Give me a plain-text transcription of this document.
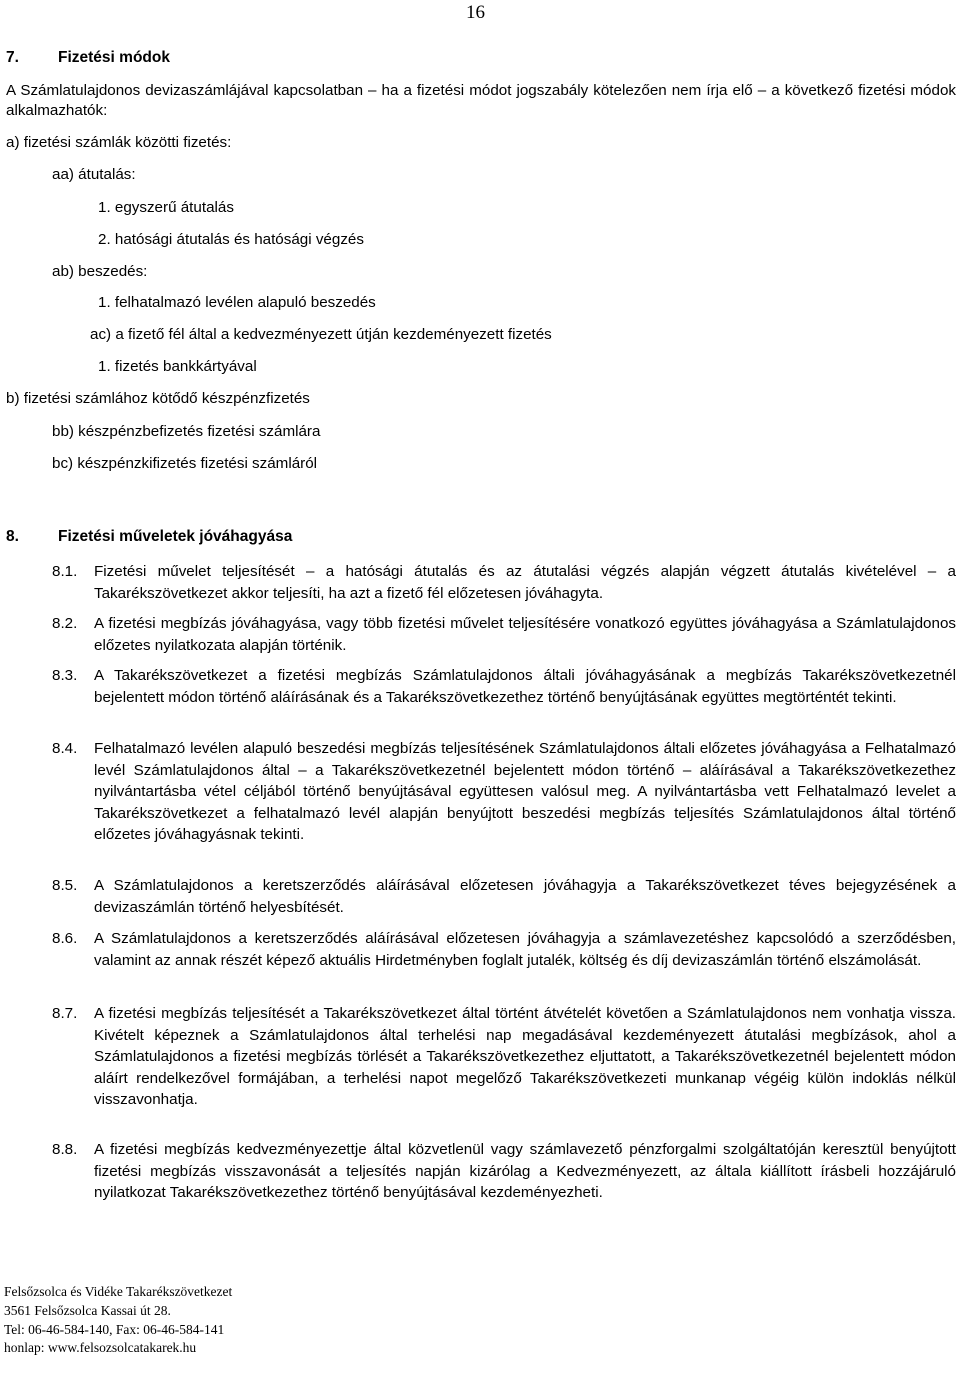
16
7.	Fizetési módok
A Számlatulajdonos devizaszámlájával kapcsolatban – ha a fizetési módot jogszabály kötelezően nem írja elő – a következő fizetési módok alkalmazhatók:
a) fizetési számlák közötti fizetés:
aa) átutalás:
1. egyszerű átutalás
2. hatósági átutalás és hatósági végzés
ab) beszedés:
1. felhatalmazó levélen alapuló beszedés
ac) a fizető fél által a kedvezményezett útján kezdeményezett fizetés
1. fizetés bankkártyával
b) fizetési számlához kötődő készpénzfizetés
bb) készpénzbefizetés fizetési számlára
bc) készpénzkifizetés fizetési számláról
8.	Fizetési műveletek jóváhagyása
8.1.	Fizetési művelet teljesítését – a hatósági átutalás és az átutalási végzés alapján végzett átutalás kivételével – a Takarékszövetkezet akkor teljesíti, ha azt a fizető fél előzetesen jóváhagyta.
8.2.	A fizetési megbízás jóváhagyása, vagy több fizetési művelet teljesítésére vonatkozó együttes jóváhagyása a Számlatulajdonos előzetes nyilatkozata alapján történik.
8.3.	A Takarékszövetkezet a fizetési megbízás Számlatulajdonos általi jóváhagyásának a megbízás Takarékszövetkezetnél bejelentett módon történő aláírásának és a Takarékszövetkezethez történő benyújtásának együttes megtörténtét tekinti.
8.4.	Felhatalmazó levélen alapuló beszedési megbízás teljesítésének Számlatulajdonos általi előzetes jóváhagyása a Felhatalmazó levél Számlatulajdonos által – a Takarékszövetkezetnél bejelentett módon történő – aláírásával a Takarékszövetkezethez nyilvántartásba vétel céljából történő benyújtásával együttesen valósul meg. A nyilvántartásba vett Felhatalmazó levelet a Takarékszövetkezet a felhatalmazó levél alapján benyújtott beszedési megbízás teljesítés Számlatulajdonos által történő előzetes jóváhagyásnak tekinti.
8.5.	A Számlatulajdonos a keretszerződés aláírásával előzetesen jóváhagyja a Takarékszövetkezet téves bejegyzésének a devizaszámlán történő helyesbítését.
8.6.	A Számlatulajdonos a keretszerződés aláírásával előzetesen jóváhagyja a számlavezetéshez kapcsolódó a szerződésben, valamint az annak részét képező aktuális Hirdetményben foglalt jutalék, költség és díj devizaszámlán történő elszámolását.
8.7.	A fizetési megbízás teljesítését a Takarékszövetkezet által történt átvételét követően a Számlatulajdonos nem vonhatja vissza. Kivételt képeznek a Számlatulajdonos által terhelési nap megadásával kezdeményezett átutalási megbízások, ahol a Számlatulajdonos a fizetési megbízás törlését a Takarékszövetkezethez eljuttatott, a Takarékszövetkezetnél bejelentett módon aláírt rendelkezővel formájában, a terhelési napot megelőző Takarékszövetkezeti munkanap végéig külön indoklás nélkül visszavonhatja.
8.8.	A fizetési megbízás kedvezményezettje által közvetlenül vagy számlavezető pénzforgalmi szolgáltatóján keresztül benyújtott fizetési megbízás visszavonását a teljesítés napján kizárólag a Kedvezményezett, az általa kiállított írásbeli hozzájáruló nyilatkozat Takarékszövetkezethez történő benyújtásával kezdeményezheti.
Felsőzsolca és Vidéke Takarékszövetkezet
3561 Felsőzsolca Kassai út 28.
Tel: 06-46-584-140, Fax: 06-46-584-141
honlap: www.felsozsolcatakarek.hu
